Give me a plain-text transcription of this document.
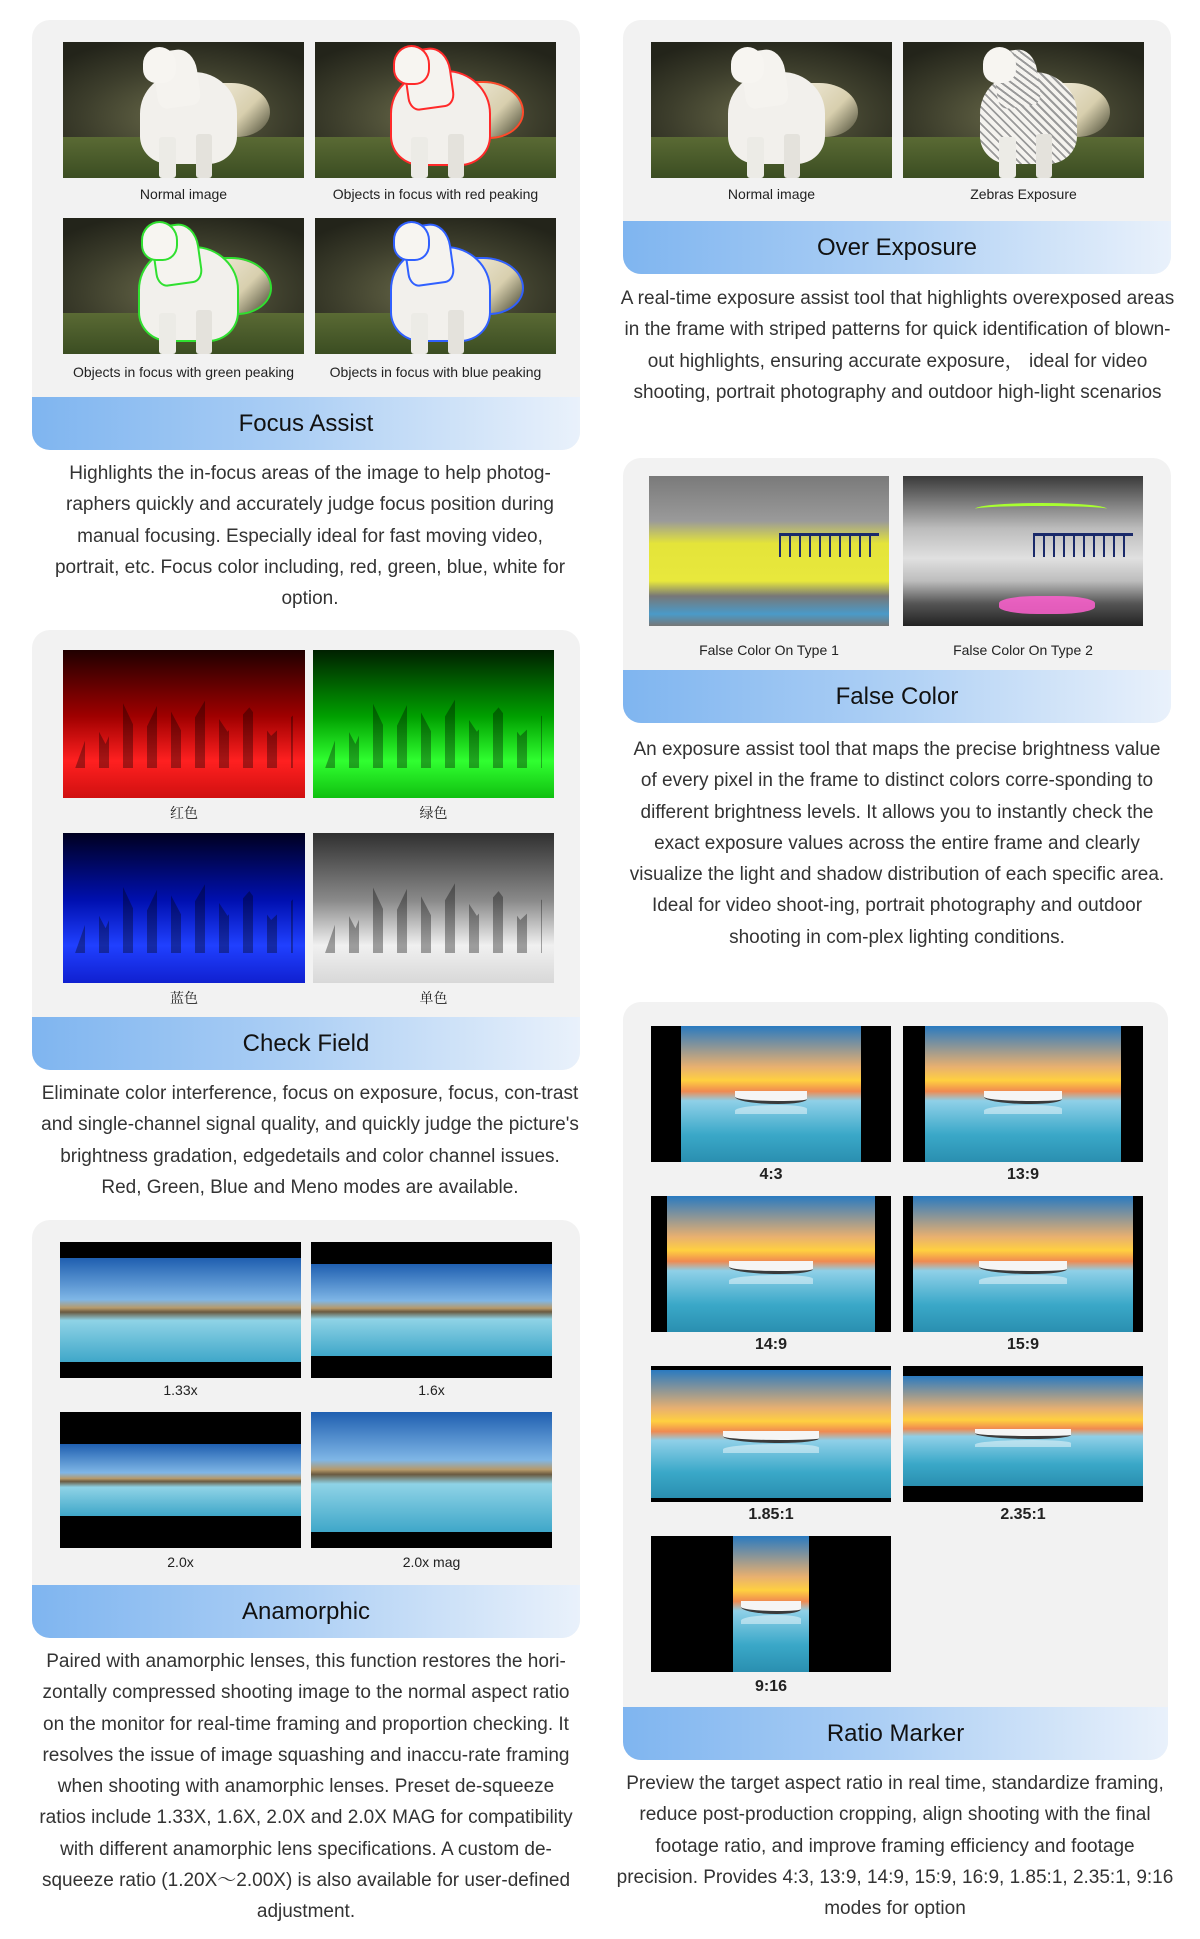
Normal image	Objects in focus with red peaking
Objects in focus with green peaking	Objects in focus with blue peaking
Focus Assist
Highlights the in-focus areas of the image to help photog-raphers quickly and accurately judge focus position during manual focusing. Especially ideal for fast moving video, portrait, etc. Focus color including, red, green, blue, white for option.
Normal image	Zebras Exposure
Over Exposure
A real-time exposure assist tool that highlights overexposed areas in the frame with striped patterns for quick identification of blown-out highlights, ensuring accurate exposure， ideal for video shooting, portrait photography and outdoor high-light scenarios
红色	绿色
蓝色	单色
Check Field
Eliminate color interference, focus on exposure, focus, con-trast and single-channel signal quality, and quickly judge the picture's brightness gradation, edgedetails and color channel issues. Red, Green, Blue and Meno modes are available.
False Color On Type 1	False Color On Type 2
False Color
An exposure assist tool that maps the precise brightness value of every pixel in the frame to distinct colors corre-sponding to different brightness levels. It allows you to instantly check the exact exposure values across the entire frame and clearly visualize the light and shadow distribution of each specific area. Ideal for video shoot-ing, portrait photography and outdoor shooting in com-plex lighting conditions.
1.33x	1.6x
2.0x	2.0x mag
Anamorphic
Paired with anamorphic lenses, this function restores the hori-zontally compressed shooting image to the normal aspect ratio on the monitor for real-time framing and proportion checking. It resolves the issue of image squashing and inaccu-rate framing when shooting with anamorphic lenses. Preset de-squeeze ratios include 1.33X, 1.6X, 2.0X and 2.0X MAG for compatibility with different anamorphic lens specifications. A custom de-squeeze ratio (1.20X～2.00X) is also available for user-defined adjustment.
4:3	13:9
14:9	15:9
1.85:1	2.35:1
9:16
Ratio Marker
Preview the target aspect ratio in real time, standardize framing, reduce post-production cropping, align shooting with the final footage ratio, and improve framing efficiency and footage precision. Provides 4:3, 13:9, 14:9, 15:9, 16:9, 1.85:1, 2.35:1, 9:16 modes for option
